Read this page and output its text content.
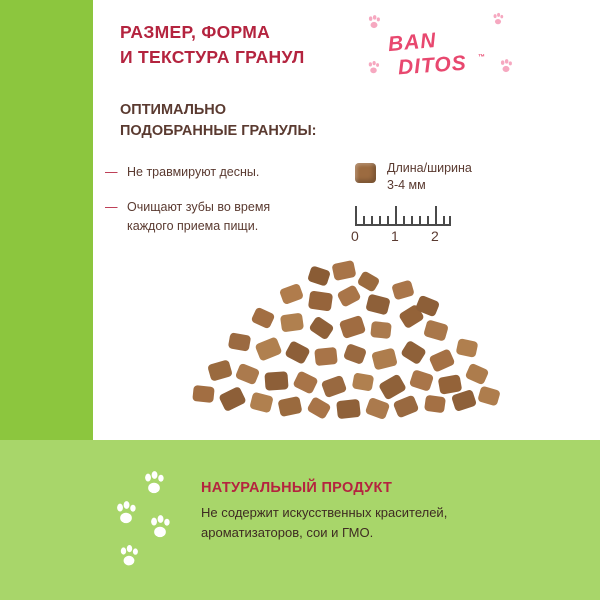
РАЗМЕР, ФОРМА
И ТЕКСТУРА ГРАНУЛ
BAN
DITOS ™
ОПТИМАЛЬНО
ПОДОБРАННЫЕ ГРАНУЛЫ:
— Не травмируют десны.
— Очищают зубы во время
каждого приема пищи.
Длина/ширина
3-4 мм
0 1 2
НАТУРАЛЬНЫЙ ПРОДУКТ
Не содержит искусственных красителей,
ароматизаторов, сои и ГМО.
